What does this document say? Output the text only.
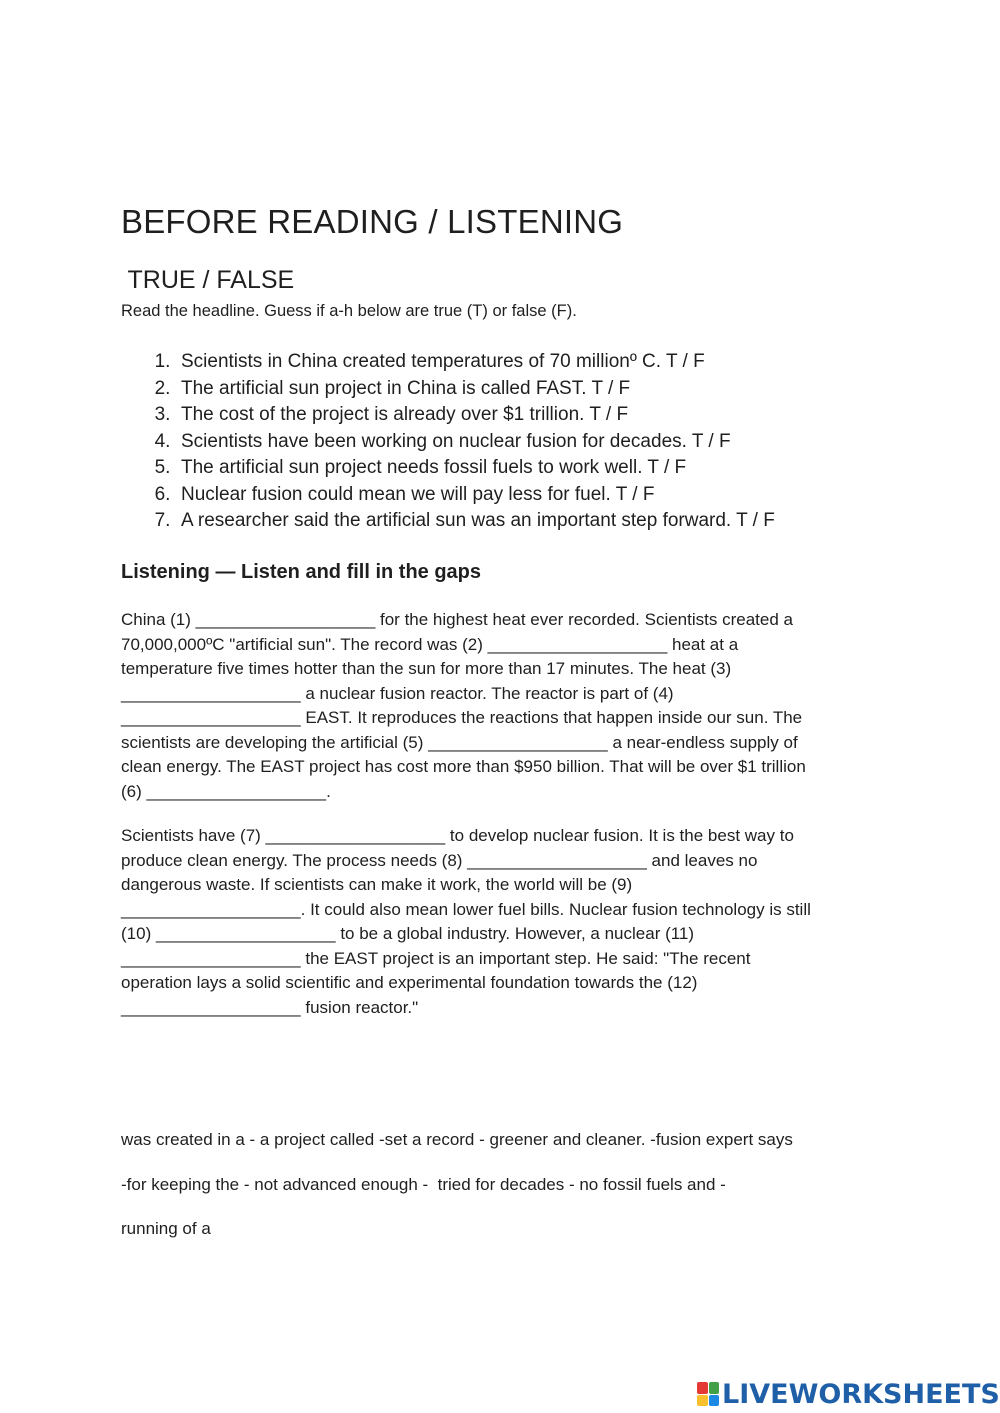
BEFORE READING / LISTENING
TRUE / FALSE

Read the headline. Guess if a-h below are true (T) or false (F).

1. Scientists in China created temperatures of 70 millionº C. T / F
2. The artificial sun project in China is called FAST. T / F
3. The cost of the project is already over $1 trillion. T / F
4. Scientists have been working on nuclear fusion for decades. T / F
5. The artificial sun project needs fossil fuels to work well. T / F
6. Nuclear fusion could mean we will pay less for fuel. T / F
7. A researcher said the artificial sun was an important step forward. T / F
Listening — Listen and fill in the gaps

China (1) ___________________ for the highest heat ever recorded. Scientists created a
70,000,000ºC "artificial sun". The record was (2) ___________________ heat at a
temperature five times hotter than the sun for more than 17 minutes. The heat (3)
___________________ a nuclear fusion reactor. The reactor is part of (4)
___________________ EAST. It reproduces the reactions that happen inside our sun. The
scientists are developing the artificial (5) ___________________ a near-endless supply of
clean energy. The EAST project has cost more than $950 billion. That will be over $1 trillion
(6) ___________________.

Scientists have (7) ___________________ to develop nuclear fusion. It is the best way to
produce clean energy. The process needs (8) ___________________ and leaves no
dangerous waste. If scientists can make it work, the world will be (9)
___________________. It could also mean lower fuel bills. Nuclear fusion technology is still
(10) ___________________ to be a global industry. However, a nuclear (11)
___________________ the EAST project is an important step. He said: "The recent
operation lays a solid scientific and experimental foundation towards the (12)
___________________ fusion reactor."

was created in a - a project called -set a record - greener and cleaner. -fusion expert says

-for keeping the - not advanced enough -  tried for decades - no fossil fuels and -

running of a

LIVEWORKSHEETS
